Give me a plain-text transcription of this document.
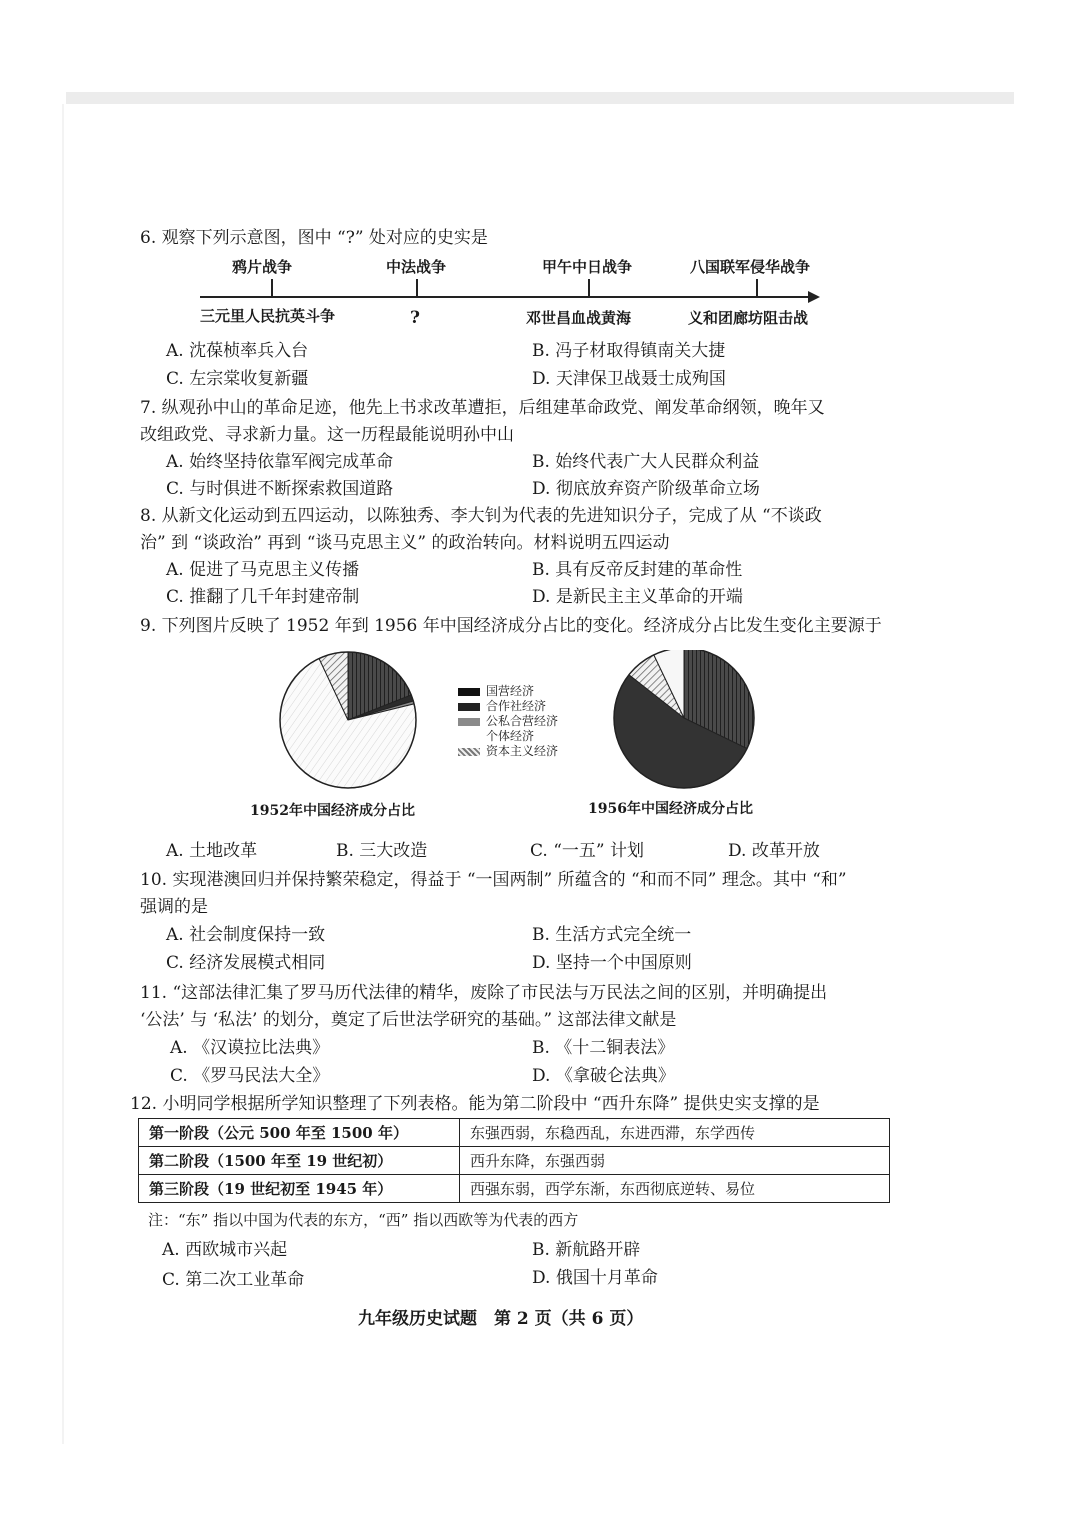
6. 观察下列示意图，图中 “?” 处对应的史实是
鸦片战争	中法战争	甲午中日战争	八国联军侵华战争
三元里人民抗英斗争	?	邓世昌血战黄海	义和团廊坊阻击战
A. 沈葆桢率兵入台	B. 冯子材取得镇南关大捷
C. 左宗棠收复新疆	D. 天津保卫战聂士成殉国
7. 纵观孙中山的革命足迹，他先上书求改革遭拒，后组建革命政党、阐发革命纲领，晚年又
改组政党、寻求新力量。这一历程最能说明孙中山
A. 始终坚持依靠军阀完成革命	B. 始终代表广大人民群众利益
C. 与时俱进不断探索救国道路	D. 彻底放弃资产阶级革命立场
8. 从新文化运动到五四运动，以陈独秀、李大钊为代表的先进知识分子，完成了从 “不谈政
治” 到 “谈政治” 再到 “谈马克思主义” 的政治转向。材料说明五四运动
A. 促进了马克思主义传播	B. 具有反帝反封建的革命性
C. 推翻了几千年封建帝制	D. 是新民主主义革命的开端
9. 下列图片反映了 1952 年到 1956 年中国经济成分占比的变化。经济成分占比发生变化主要源于
国营经济
合作社经济
公私合营经济
个体经济
资本主义经济
1952年中国经济成分占比	1956年中国经济成分占比
A. 土地改革	B. 三大改造	C. “一五” 计划	D. 改革开放
10. 实现港澳回归并保持繁荣稳定，得益于 “一国两制” 所蕴含的 “和而不同” 理念。其中 “和”
强调的是
A. 社会制度保持一致	B. 生活方式完全统一
C. 经济发展模式相同	D. 坚持一个中国原则
11. “这部法律汇集了罗马历代法律的精华，废除了市民法与万民法之间的区别，并明确提出
‘公法’ 与 ‘私法’ 的划分，奠定了后世法学研究的基础。” 这部法律文献是
A. 《汉谟拉比法典》	B. 《十二铜表法》
C. 《罗马民法大全》	D. 《拿破仑法典》
12. 小明同学根据所学知识整理了下列表格。能为第二阶段中 “西升东降” 提供史实支撑的是
第一阶段（公元 500 年至 1500 年）	东强西弱，东稳西乱，东进西滞，东学西传
第二阶段（1500 年至 19 世纪初）	西升东降，东强西弱
第三阶段（19 世纪初至 1945 年）	西强东弱，西学东渐，东西彻底逆转、易位
注：“东” 指以中国为代表的东方，“西” 指以西欧等为代表的西方
A. 西欧城市兴起	B. 新航路开辟
C. 第二次工业革命	D. 俄国十月革命
九年级历史试题　第 2 页（共 6 页）
